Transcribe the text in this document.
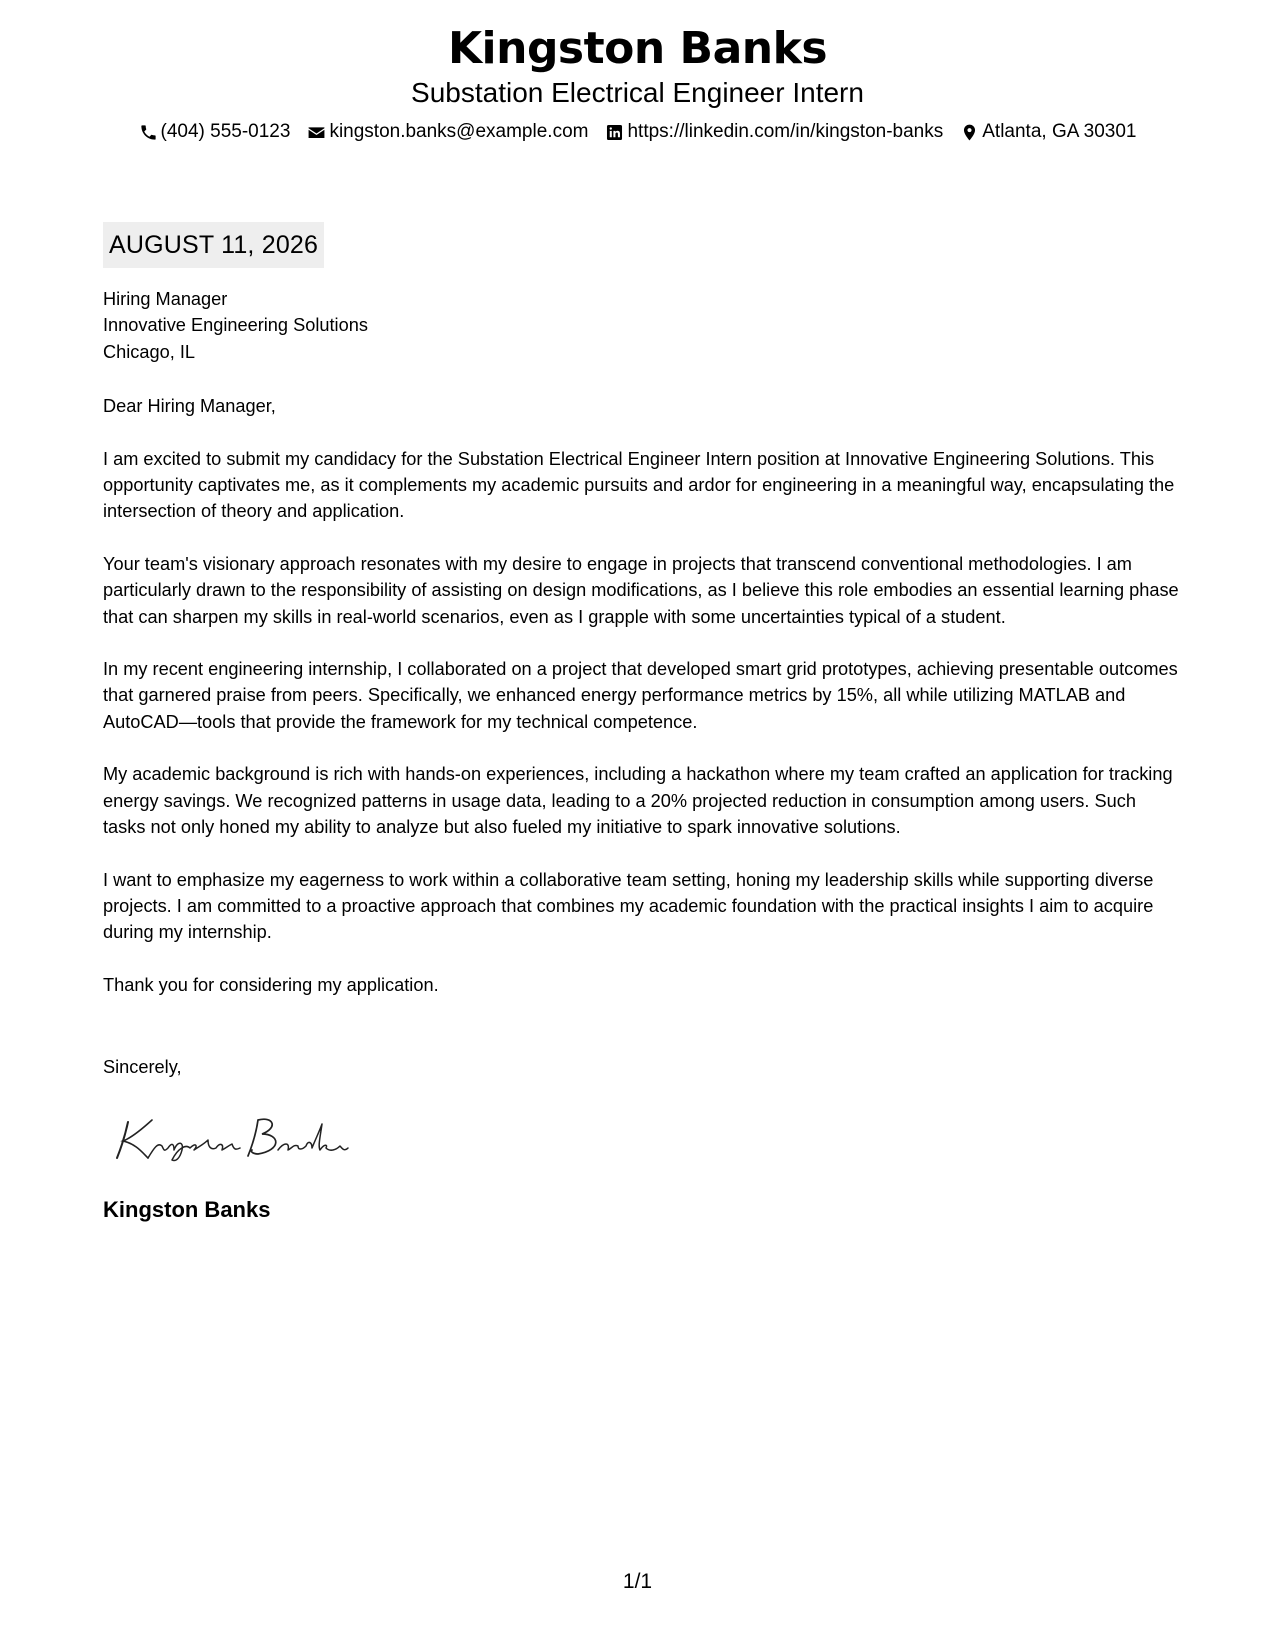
Kingston Banks
Substation Electrical Engineer Intern
(404) 555-0123 kingston.banks@example.com https://linkedin.com/in/kingston-banks Atlanta, GA 30301
AUGUST 11, 2026
Hiring Manager
Innovative Engineering Solutions
Chicago, IL
Dear Hiring Manager,

I am excited to submit my candidacy for the Substation Electrical Engineer Intern position at Innovative Engineering Solutions. This opportunity captivates me, as it complements my academic pursuits and ardor for engineering in a meaningful way, encapsulating the intersection of theory and application.

Your team's visionary approach resonates with my desire to engage in projects that transcend conventional methodologies. I am particularly drawn to the responsibility of assisting on design modifications, as I believe this role embodies an essential learning phase that can sharpen my skills in real-world scenarios, even as I grapple with some uncertainties typical of a student.

In my recent engineering internship, I collaborated on a project that developed smart grid prototypes, achieving presentable outcomes that garnered praise from peers. Specifically, we enhanced energy performance metrics by 15%, all while utilizing MATLAB and AutoCAD—tools that provide the framework for my technical competence.

My academic background is rich with hands-on experiences, including a hackathon where my team crafted an application for tracking energy savings. We recognized patterns in usage data, leading to a 20% projected reduction in consumption among users. Such tasks not only honed my ability to analyze but also fueled my initiative to spark innovative solutions.

I want to emphasize my eagerness to work within a collaborative team setting, honing my leadership skills while supporting diverse projects. I am committed to a proactive approach that combines my academic foundation with the practical insights I aim to acquire during my internship.

Thank you for considering my application.

Sincerely,
Kingston Banks
1/1
